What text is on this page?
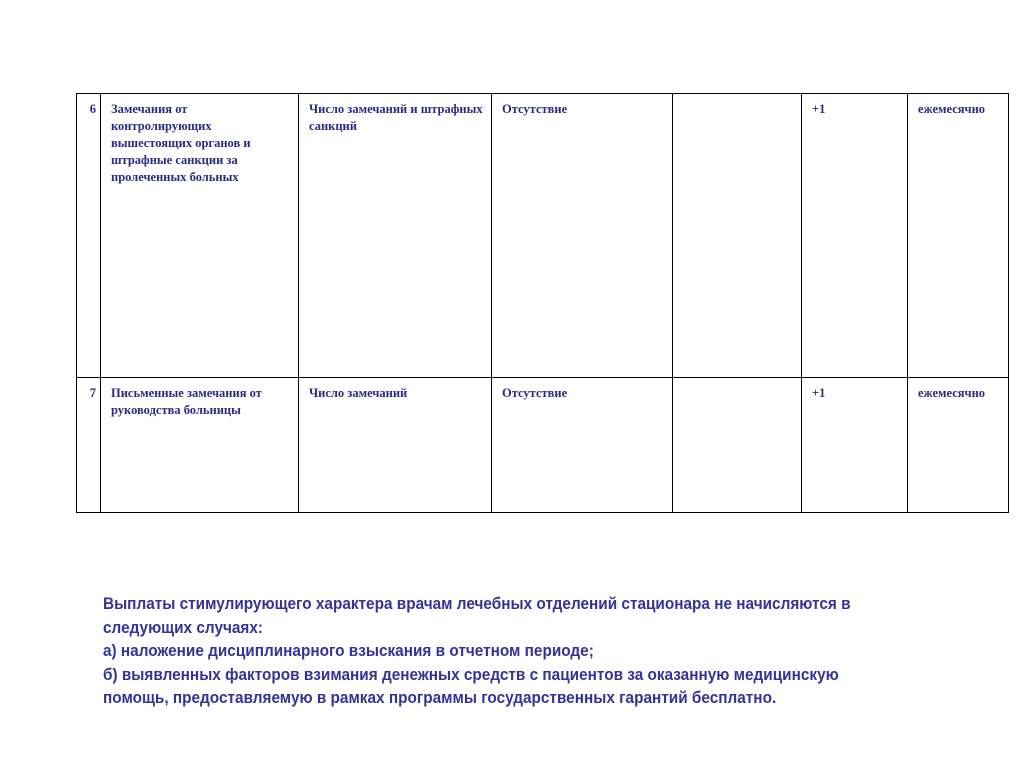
6	Замечания от контролирующих вышестоящих органов и штрафные санкции за пролеченных больных	Число замечаний и штрафных санкций	Отсутствие		+1	ежемесячно
7	Письменные замечания от руководства больницы	Число замечаний	Отсутствие		+1	ежемесячно
Выплаты стимулирующего характера врачам лечебных отделений стационара не начисляются в
следующих случаях:
а) наложение дисциплинарного взыскания в отчетном периоде;
б) выявленных факторов взимания денежных средств с пациентов за оказанную медицинскую
помощь, предоставляемую в рамках программы государственных гарантий бесплатно.
